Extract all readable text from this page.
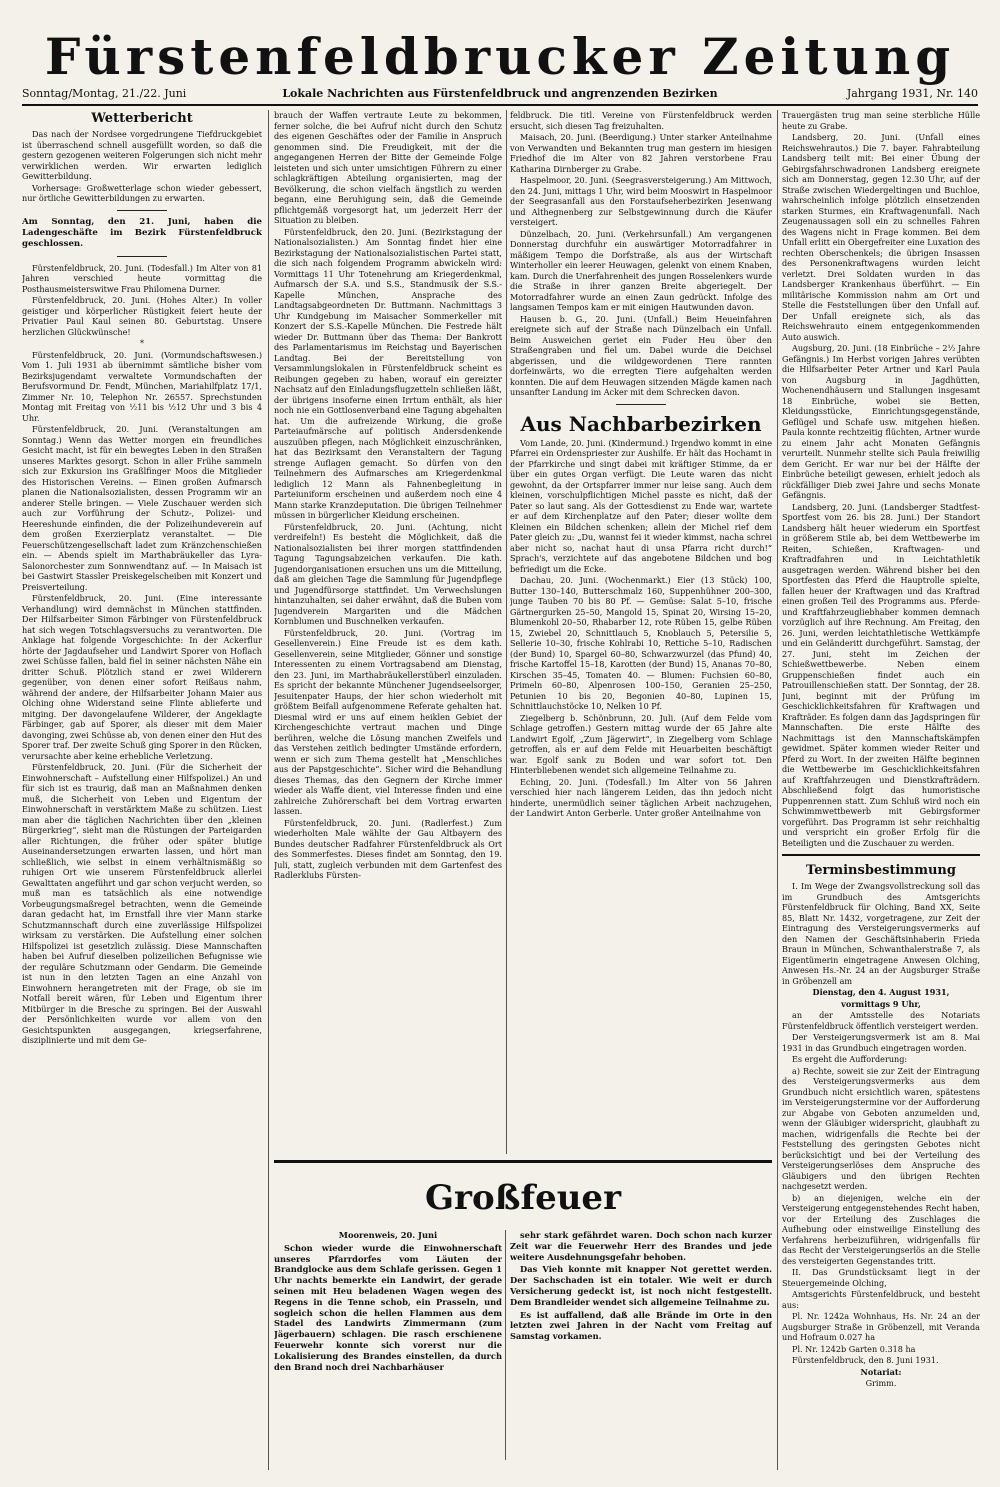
Fürstenfeldbrucker Zeitung
Sonntag/Montag, 21./22. Juni	Lokale Nachrichten aus Fürstenfeldbruck und angrenzenden Bezirken	Jahrgang 1931, Nr. 140

Wetterbericht

Das nach der Nordsee vorgedrungene Tiefdruckgebiet ist überraschend schnell ausgefüllt worden, so daß die gestern gezogenen weiteren Folgerungen sich nicht mehr verwirklichen werden. Wir erwarten lediglich Gewitterbildung.

Vorhersage: Großwetterlage schon wieder gebessert, nur örtliche Gewitterbildungen zu erwarten.

Am Sonntag, den 21. Juni, haben die Ladengeschäfte im Bezirk Fürstenfeldbruck geschlossen.

Fürstenfeldbruck, 20. Juni. (Todesfall.) Im Alter von 81 Jahren verschied heute vormittag die Posthausmeisterswitwe Frau Philomena Durner.

Fürstenfeldbruck, 20. Juni. (Hohes Alter.) In voller geistiger und körperlicher Rüstigkeit feiert heute der Privatier Paul Kaul seinen 80. Geburtstag. Unsere herzlichen Glückwünsche!

*

Fürstenfeldbruck, 20. Juni. (Vormundschaftswesen.) Vom 1. Juli 1931 ab übernimmt sämtliche bisher vom Bezirksjugendamt verwaltete Vormundschaften der Berufsvormund Dr. Fendt, München, Mariahilfplatz 17/1, Zimmer Nr. 10, Telephon Nr. 26557. Sprechstunden Montag mit Freitag von ½11 bis ½12 Uhr und 3 bis 4 Uhr.

Fürstenfeldbruck, 20. Juni. (Veranstaltungen am Sonntag.) Wenn das Wetter morgen ein freundliches Gesicht macht, ist für ein bewegtes Leben in den Straßen unseres Marktes gesorgt. Schon in aller Frühe sammeln sich zur Exkursion ins Graßlfinger Moos die Mitglieder des Historischen Vereins. — Einen großen Aufmarsch planen die Nationalsozialisten, dessen Programm wir an anderer Stelle bringen. — Viele Zuschauer werden sich auch zur Vorführung der Schutz-, Polizei- und Heereshunde einfinden, die der Polizeihundeverein auf dem großen Exerzierplatz veranstaltet. — Die Feuerschützengesellschaft ladet zum Kränzchenschießen ein. — Abends spielt im Marthabräukeller das Lyra-Salonorchester zum Sonnwendtanz auf. — In Maisach ist bei Gastwirt Stassler Preiskegelscheiben mit Konzert und Preisverteilung.

Fürstenfeldbruck, 20. Juni. (Eine interessante Verhandlung) wird demnächst in München stattfinden. Der Hilfsarbeiter Simon Färbinger von Fürstenfeldbruck hat sich wegen Totschlagsversuchs zu verantworten. Die Anklage hat folgende Vorgeschichte: In der Ackerflur hörte der Jagdaufseher und Landwirt Sporer von Hoflach zwei Schüsse fallen, bald fiel in seiner nächsten Nähe ein dritter Schuß. Plötzlich stand er zwei Wilderern gegenüber, von denen einer sofort Reißaus nahm, während der andere, der Hilfsarbeiter Johann Maier aus Olching ohne Widerstand seine Flinte ablieferte und mitging. Der davongelaufene Wilderer, der Angeklagte Färbinger, gab auf Sporer, als dieser mit dem Maier davonging, zwei Schüsse ab, von denen einer den Hut des Sporer traf. Der zweite Schuß ging Sporer in den Rücken, verursachte aber keine erhebliche Verletzung.

Fürstenfeldbruck, 20. Juni. (Für die Sicherheit der Einwohnerschaft – Aufstellung einer Hilfspolizei.) An und für sich ist es traurig, daß man an Maßnahmen denken muß, die Sicherheit von Leben und Eigentum der Einwohnerschaft in verstärktem Maße zu schützen. Liest man aber die täglichen Nachrichten über den „kleinen Bürgerkrieg“, sieht man die Rüstungen der Parteigarden aller Richtungen, die früher oder später blutige Auseinandersetzungen erwarten lassen, und hört man schließlich, wie selbst in einem verhältnismäßig so ruhigen Ort wie unserem Fürstenfeldbruck allerlei Gewalttaten angeführt und gar schon verjucht werden, so muß man es tatsächlich als eine notwendige Vorbeugungsmaßregel betrachten, wenn die Gemeinde daran gedacht hat, im Ernstfall ihre vier Mann starke Schutzmannschaft durch eine zuverlässige Hilfspolizei wirksam zu verstärken. Die Aufstellung einer solchen Hilfspolizei ist gesetzlich zulässig. Diese Mannschaften haben bei Aufruf dieselben polizeilichen Befugnisse wie der reguläre Schutzmann oder Gendarm. Die Gemeinde ist nun in den letzten Tagen an eine Anzahl von Einwohnern herangetreten mit der Frage, ob sie im Notfall bereit wären, für Leben und Eigentum ihrer Mitbürger in die Bresche zu springen. Bei der Auswahl der Persönlichkeiten wurde vor allem von den Gesichtspunkten ausgegangen, kriegserfahrene, disziplinierte und mit dem Ge-

brauch der Waffen vertraute Leute zu bekommen, ferner solche, die bei Aufruf nicht durch den Schutz des eigenen Geschäftes oder der Familie in Anspruch genommen sind. Die Freudigkeit, mit der die angegangenen Herren der Bitte der Gemeinde Folge leisteten und sich unter umsichtigen Führern zu einer schlagkräftigen Abteilung organisierten, mag der Bevölkerung, die schon vielfach ängstlich zu werden begann, eine Beruhigung sein, daß die Gemeinde pflichtgemäß vorgesorgt hat, um jederzeit Herr der Situation zu bleiben.

Fürstenfeldbruck, den 20. Juni. (Bezirkstagung der Nationalsozialisten.) Am Sonntag findet hier eine Bezirkstagung der Nationalsozialistischen Partei statt, die sich nach folgendem Programm abwickeln wird: Vormittags 11 Uhr Totenehrung am Kriegerdenkmal, Aufmarsch der S.A. und S.S., Standmusik der S.S.-Kapelle München, Ansprache des Landtagsabgeordneten Dr. Buttmann. Nachmittags 3 Uhr Kundgebung im Maisacher Sommerkeller mit Konzert der S.S.-Kapelle München. Die Festrede hält wieder Dr. Buttmann über das Thema: Der Bankrott des Parlamentarismus im Reichstag und Bayerischen Landtag. Bei der Bereitstellung von Versammlungslokalen in Fürstenfeldbruck scheint es Reibungen gegeben zu haben, worauf ein gereizter Nachsatz auf den Einladungsflugzetteln schließen läßt, der übrigens insoferne einen Irrtum enthält, als hier noch nie ein Gottlosenverband eine Tagung abgehalten hat. Um die aufreizende Wirkung, die große Parteiaufmärsche auf politisch Andersdenkende auszuüben pflegen, nach Möglichkeit einzuschränken, hat das Bezirksamt den Veranstaltern der Tagung strenge Auflagen gemacht. So dürfen von den Teilnehmern des Aufmarsches am Kriegerdenkmal lediglich 12 Mann als Fahnenbegleitung in Parteiuniform erscheinen und außerdem noch eine 4 Mann starke Kranzdeputation. Die übrigen Teilnehmer müssen in bürgerlicher Kleidung erscheinen.

Fürstenfeldbruck, 20. Juni. (Achtung, nicht verdreifeln!) Es besteht die Möglichkeit, daß die Nationalsozialisten bei ihrer morgen stattfindenden Tagung Tagungsabzeichen verkaufen. Die kath. Jugendorganisationen ersuchen uns um die Mitteilung, daß am gleichen Tage die Sammlung für Jugendpflege und Jugendfürsorge stattfindet. Um Verwechslungen hintanzuhalten, sei daher erwähnt, daß die Buben vom Jugendverein Margariten und die Mädchen Kornblumen und Buschnelken verkaufen.

Fürstenfeldbruck, 20. Juni. (Vortrag im Gesellenverein.) Eine Freude ist es dem kath. Gesellenverein, seine Mitglieder, Gönner und sonstige Interessenten zu einem Vortragsabend am Dienstag, den 23. Juni, im Marthabräukellerstüberl einzuladen. Es spricht der bekannte Münchener Jugendseelsorger, Jesuitenpater Haups, der hier schon wiederholt mit größtem Beifall aufgenommene Referate gehalten hat. Diesmal wird er uns auf einem heiklen Gebiet der Kirchengeschichte vertraut machen und Dinge berühren, welche die Lösung manchen Zweifels und das Verstehen zeitlich bedingter Umstände erfordern, wenn er sich zum Thema gestellt hat „Menschliches aus der Papstgeschichte“. Sicher wird die Behandlung dieses Themas, das den Gegnern der Kirche immer wieder als Waffe dient, viel Interesse finden und eine zahlreiche Zuhörerschaft bei dem Vortrag erwarten lassen.

Fürstenfeldbruck, 20. Juni. (Radlerfest.) Zum wiederholten Male wählte der Gau Altbayern des Bundes deutscher Radfahrer Fürstenfeldbruck als Ort des Sommerfestes. Dieses findet am Sonntag, den 19. Juli, statt, zugleich verbunden mit dem Gartenfest des Radlerklubs Fürsten-

feldbruck. Die titl. Vereine von Fürstenfeldbruck werden ersucht, sich diesen Tag freizuhalten.

Maisach, 20. Juni. (Beerdigung.) Unter starker Anteilnahme von Verwandten und Bekannten trug man gestern im hiesigen Friedhof die im Alter von 82 Jahren verstorbene Frau Katharina Dirnberger zu Grabe.

Haspelmoor, 20. Juni. (Seegrasversteigerung.) Am Mittwoch, den 24. Juni, mittags 1 Uhr, wird beim Mooswirt in Haspelmoor der Seegrasanfall aus den Forstaufseherbezirken Jesenwang und Althegnenberg zur Selbstgewinnung durch die Käufer versteigert.

Dünzelbach, 20. Juni. (Verkehrsunfall.) Am vergangenen Donnerstag durchfuhr ein auswärtiger Motorradfahrer in mäßigem Tempo die Dorfstraße, als aus der Wirtschaft Winterholler ein leerer Heuwagen, gelenkt von einem Knaben, kam. Durch die Unerfahrenheit des jungen Rosselenkers wurde die Straße in ihrer ganzen Breite abgeriegelt. Der Motorradfahrer wurde an einen Zaun gedrückt. Infolge des langsamen Tempos kam er mit einigen Hautwunden davon.

Hausen b. G., 20. Juni. (Unfall.) Beim Heueinfahren ereignete sich auf der Straße nach Dünzelbach ein Unfall. Beim Ausweichen geriet ein Fuder Heu über den Straßengraben und fiel um. Dabei wurde die Deichsel abgerissen, und die wildgewordenen Tiere rannten dorfeinwärts, wo die erregten Tiere aufgehalten werden konnten. Die auf dem Heuwagen sitzenden Mägde kamen nach unsanfter Landung im Acker mit dem Schrecken davon.

Aus Nachbarbezirken

Vom Lande, 20. Juni. (Kindermund.) Irgendwo kommt in eine Pfarrei ein Ordenspriester zur Aushilfe. Er hält das Hochamt in der Pfarrkirche und singt dabei mit kräftiger Stimme, da er über ein gutes Organ verfügt. Die Leute waren das nicht gewohnt, da der Ortspfarrer immer nur leise sang. Auch dem kleinen, vorschulpflichtigen Michel passte es nicht, daß der Pater so laut sang. Als der Gottesdienst zu Ende war, wartete er auf dem Kirchenplatze auf den Pater; dieser wollte dem Kleinen ein Bildchen schenken; allein der Michel rief dem Pater gleich zu: „Du, wannst fei it wieder kimmst, nacha schrei aber nicht so, nachat haut di unsa Pfarra richt durch!“ Sprach's, verzichtete auf das angebotene Bildchen und bog befriedigt um die Ecke.

Dachau, 20. Juni. (Wochenmarkt.) Eier (13 Stück) 100, Butter 130–140, Butterschmalz 160, Suppenhühner 200–300, junge Tauben 70 bis 80 Pf. — Gemüse: Salat 5–10, frische Gärtnergurken 25–50, Mangold 15, Spinat 20, Wirsing 15–20, Blumenkohl 20–50, Rhabarber 12, rote Rüben 15, gelbe Rüben 15, Zwiebel 20, Schnittlauch 5, Knoblauch 5, Petersilie 5, Sellerie 10–30, frische Kohlrabi 10, Rettiche 5–10, Radischen (der Bund) 10, Spargel 60–80, Schwarzwurzel (das Pfund) 40, frische Kartoffel 15–18, Karotten (der Bund) 15, Ananas 70–80, Kirschen 35–45, Tomaten 40. — Blumen: Fuchsien 60–80, Primeln 60–80, Alpenrosen 100–150, Geranien 25–250, Petunien 10 bis 20, Begonien 40–80, Lupinen 15, Schnittlauchstöcke 10, Nelken 10 Pf.

Ziegelberg b. Schönbrunn, 20. Juli. (Auf dem Felde vom Schlage getroffen.) Gestern mittag wurde der 65 Jahre alte Landwirt Egolf, „Zum Jägerwirt“, in Ziegelberg vom Schlage getroffen, als er auf dem Felde mit Heuarbeiten beschäftigt war. Egolf sank zu Boden und war sofort tot. Den Hinterbliebenen wendet sich allgemeine Teilnahme zu.

Eching, 20. Juni. (Todesfall.) Im Alter von 56 Jahren verschied hier nach längerem Leiden, das ihn jedoch nicht hinderte, unermüdlich seiner täglichen Arbeit nachzugehen, der Landwirt Anton Gerberle. Unter großer Anteilnahme von

Trauergästen trug man seine sterbliche Hülle heute zu Grabe.

Landsberg, 20. Juni. (Unfall eines Reichswehrautos.) Die 7. bayer. Fahrabteilung Landsberg teilt mit: Bei einer Übung der Gebirgsfahrschwadronen Landsberg ereignete sich am Donnerstag, gegen 12.30 Uhr, auf der Straße zwischen Wiedergeltingen und Buchloe, wahrscheinlich infolge plötzlich einsetzenden starken Sturmes, ein Kraftwagenunfall. Nach Zeugenaussagen soll ein zu schnelles Fahren des Wagens nicht in Frage kommen. Bei dem Unfall erlitt ein Obergefreiter eine Luxation des rechten Oberschenkels; die übrigen Insassen des Personenkraftwagens wurden leicht verletzt. Drei Soldaten wurden in das Landsberger Krankenhaus überführt. — Ein militärische Kommission nahm am Ort und Stelle die Feststellungen über den Unfall auf. Der Unfall ereignete sich, als das Reichswehrauto einem entgegenkommenden Auto auswich.

Augsburg, 20. Juni. (18 Einbrüche – 2½ Jahre Gefängnis.) Im Herbst vorigen Jahres verübten die Hilfsarbeiter Peter Artner und Karl Paula von Augsburg in Jagdhütten, Wochenendhäusern und Stallungen insgesamt 18 Einbrüche, wobei sie Betten, Kleidungsstücke, Einrichtungsgegenstände, Geflügel und Schafe usw. mitgehen hießen. Paula konnte rechtzeitig flüchten, Artner wurde zu einem Jahr acht Monaten Gefängnis verurteilt. Nunmehr stellte sich Paula freiwillig dem Gericht. Er war nur bei der Hälfte der Einbrüche beteiligt gewesen, erhielt jedoch als rückfälliger Dieb zwei Jahre und sechs Monate Gefängnis.

Landsberg, 20. Juni. (Landsberger Stadtfest-Sportfest vom 26. bis 28. Juni.) Der Standort Landsberg hält heuer wiederum ein Sportfest in größerem Stile ab, bei dem Wettbewerbe im Reiten, Schießen, Kraftwagen- und Kraftradfahren und in Leichtathletik ausgetragen werden. Während bisher bei den Sportfesten das Pferd die Hauptrolle spielte, fallen heuer der Kraftwagen und das Kraftrad einen großen Teil des Programms aus. Pferde- und Kraftfahrzeugliebhaber kommen demnach vorzüglich auf ihre Rechnung. Am Freitag, den 26. Juni, werden leichtathletische Wettkämpfe und ein Geländeritt durchgeführt. Samstag, der 27. Juni, steht im Zeichen der Schießwettbewerbe. Neben einem Gruppenschießen findet auch ein Patrouillenschießen statt. Der Sonntag, der 28. Juni, beginnt mit der Prüfung im Geschicklichkeitsfahren für Kraftwagen und Krafträder. Es folgen dann das Jagdspringen für Mannschaften. Die erste Hälfte des Nachmittags ist den Mannschaftskämpfen gewidmet. Später kommen wieder Reiter und Pferd zu Wort. In der zweiten Hälfte beginnen die Wettbewerbe im Geschicklichkeitsfahren auf Kraftfahrzeugen und Dienstkrafträdern. Abschließend folgt das humoristische Puppenrennen statt. Zum Schluß wird noch ein Schwimmwettbewerb mit Gebirgsformer vorgeführt. Das Programm ist sehr reichhaltig und verspricht ein großer Erfolg für die Beteiligten und die Zuschauer zu werden.

Terminsbestimmung

I. Im Wege der Zwangsvollstreckung soll das im Grundbuch des Amtsgerichts Fürstenfeldbruck für Olching, Band XX, Seite 85, Blatt Nr. 1432, vorgetragene, zur Zeit der Eintragung des Versteigerungsvermerks auf den Namen der Geschäftsinhaberin Frieda Braun in München, Schwanthalerstraße 7, als Eigentümerin eingetragene Anwesen Olching, Anwesen Hs.-Nr. 24 an der Augsburger Straße in Gröbenzell am

Dienstag, den 4. August 1931,

vormittags 9 Uhr,

an der Amtsstelle des Notariats Fürstenfeldbruck öffentlich versteigert werden.

Der Versteigerungsvermerk ist am 8. Mai 1931 in das Grundbuch eingetragen worden.

Es ergeht die Aufforderung:

a) Rechte, soweit sie zur Zeit der Eintragung des Versteigerungsvermerks aus dem Grundbuch nicht ersichtlich waren, spätestens im Versteigerungstermine vor der Aufforderung zur Abgabe von Geboten anzumelden und, wenn der Gläubiger widerspricht, glaubhaft zu machen, widrigenfalls die Rechte bei der Feststellung des geringsten Gebotes nicht berücksichtigt und bei der Verteilung des Versteigerungserlöses dem Anspruche des Gläubigers und den übrigen Rechten nachgesetzt werden.

b) an diejenigen, welche ein der Versteigerung entgegenstehendes Recht haben, vor der Erteilung des Zuschlages die Aufhebung oder einstweilige Einstellung des Verfahrens herbeizuführen, widrigenfalls für das Recht der Versteigerungserlös an die Stelle des versteigerten Gegenstandes tritt.

II. Das Grundstücksamt liegt in der Steuergemeinde Olching,

Amtsgerichts Fürstenfeldbruck, und besteht aus:

Pl. Nr. 1242a Wohnhaus, Hs. Nr. 24 an der Augsburger Straße in Gröbenzell, mit Veranda und Hofraum 0.027 ha

Pl. Nr. 1242b Garten 0.318 ha

Fürstenfeldbruck, den 8. Juni 1931.

Notariat:

Grimm.

Großfeuer

Moorenweis, 20. Juni

Schon wieder wurde die Einwohnerschaft unseres Pfarrdorfes vom Läuten der Brandglocke aus dem Schlafe gerissen. Gegen 1 Uhr nachts bemerkte ein Landwirt, der gerade seinen mit Heu beladenen Wagen wegen des Regens in die Tenne schob, ein Prasseln, und sogleich schon die hellen Flammen aus dem Stadel des Landwirts Zimmermann (zum Jägerbauern) schlagen. Die rasch erschienene Feuerwehr konnte sich vorerst nur die Lokalisierung des Brandes einstellen, da durch den Brand noch drei Nachbarhäuser

sehr stark gefährdet waren. Doch schon nach kurzer Zeit war die Feuerwehr Herr des Brandes und jede weitere Ausdehnungsgefahr behoben.

Das Vieh konnte mit knapper Not gerettet werden. Der Sachschaden ist ein totaler. Wie weit er durch Versicherung gedeckt ist, ist noch nicht festgestellt. Dem Brandleider wendet sich allgemeine Teilnahme zu.

Es ist auffallend, daß alle Brände im Orte in den letzten zwei Jahren in der Nacht vom Freitag auf Samstag vorkamen.
